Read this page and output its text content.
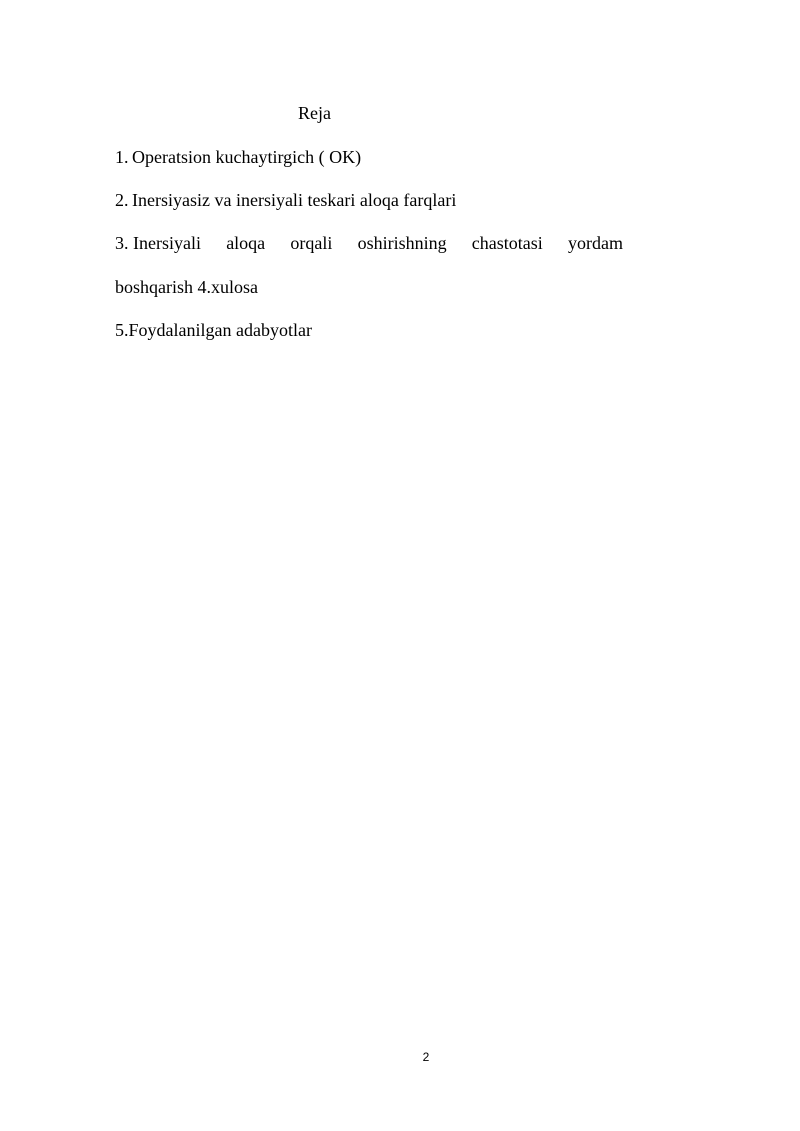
Reja
1. Operatsion kuchaytirgich ( OK)
2. Inersiyasiz va inersiyali teskari aloqa farqlari
3. Inersiyali aloqa orqali oshirishning chastotasi yordam
boshqarish 4.xulosa
5.Foydalanilgan adabyotlar
2
